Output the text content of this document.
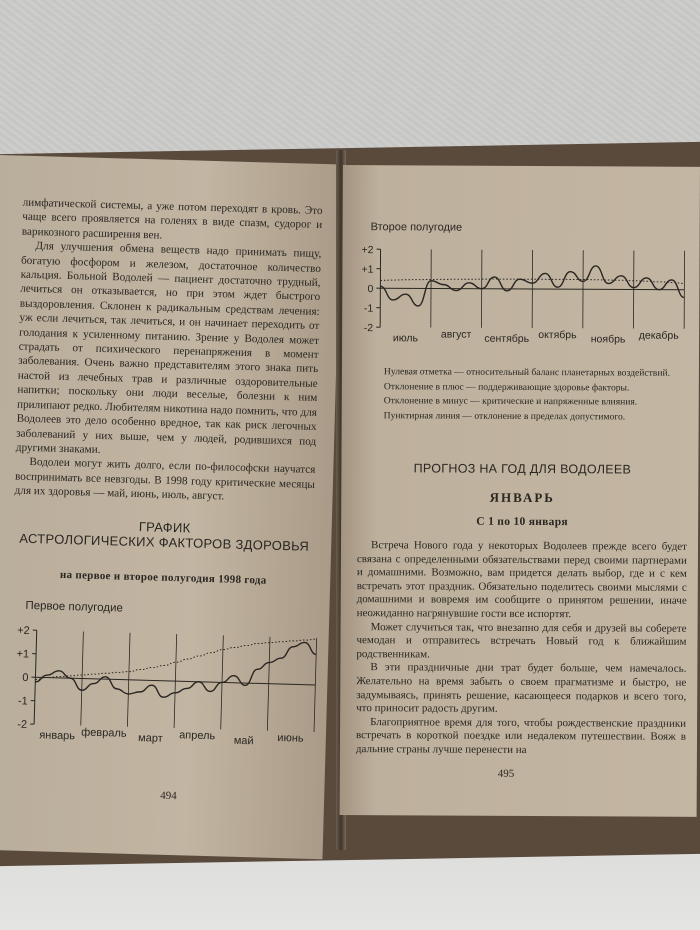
лимфатической системы, а уже потом переходят в кровь. Это чаще всего проявляется на голенях в виде спазм, судорог и варикозного расширения вен.

Для улучшения обмена веществ надо принимать пищу, богатую фосфором и железом, достаточное количество кальция. Больной Водолей — пациент достаточно трудный, лечиться он отказывается, но при этом ждет быстрого выздоровления. Склонен к радикальным средствам лечения: уж если лечиться, так лечиться, и он начинает переходить от голодания к усиленному питанию. Зрение у Водолея может страдать от психического перенапряжения в момент заболевания. Очень важно представителям этого знака пить настой из лечебных трав и различные оздоровительные напитки; поскольку они люди веселые, болезни к ним прилипают редко. Любителям никотина надо помнить, что для Водолеев это дело особенно вредное, так как риск легочных заболеваний у них выше, чем у людей, родившихся под другими знаками.

Водолеи могут жить долго, если по-философски научатся воспринимать все невзгоды. В 1998 году критические месяцы для их здоровья — май, июнь, июль, август.

ГРАФИК
АСТРОЛОГИЧЕСКИХ ФАКТОРОВ ЗДОРОВЬЯ
на первое и второе полугодия 1998 года
Первое полугодие
+2
+1
0
-1
-2
январь февраль март апрель май июнь
494
Второе полугодие
+2
+1
0
-1
-2
июль август сентябрь октябрь ноябрь декабрь

Нулевая отметка — относительный баланс планетарных воздействий.

Отклонение в плюс — поддерживающие здоровье факторы.

Отклонение в минус — критические и напряженные влияния.

Пунктирная линия — отклонение в пределах допустимого.

ПРОГНОЗ НА ГОД ДЛЯ ВОДОЛЕЕВ
ЯНВАРЬ
С 1 по 10 января

Встреча Нового года у некоторых Водолеев прежде всего будет связана с определенными обязательствами перед своими партнерами и домашними. Возможно, вам придется делать выбор, где и с кем встречать этот праздник. Обязательно поделитесь своими мыслями с домашними и вовремя им сообщите о принятом решении, иначе неожиданно нагрянувшие гости все испортят.

Может случиться так, что внезапно для себя и друзей вы соберете чемодан и отправитесь встречать Новый год к ближайшим родственникам.

В эти праздничные дни трат будет больше, чем намечалось. Желательно на время забыть о своем прагматизме и быстро, не задумываясь, принять решение, касающееся подарков и всего того, что приносит радость другим.

Благоприятное время для того, чтобы рождественские праздники встречать в короткой поездке или недалеком путешествии. Вояж в дальние страны лучше перенести на

495
